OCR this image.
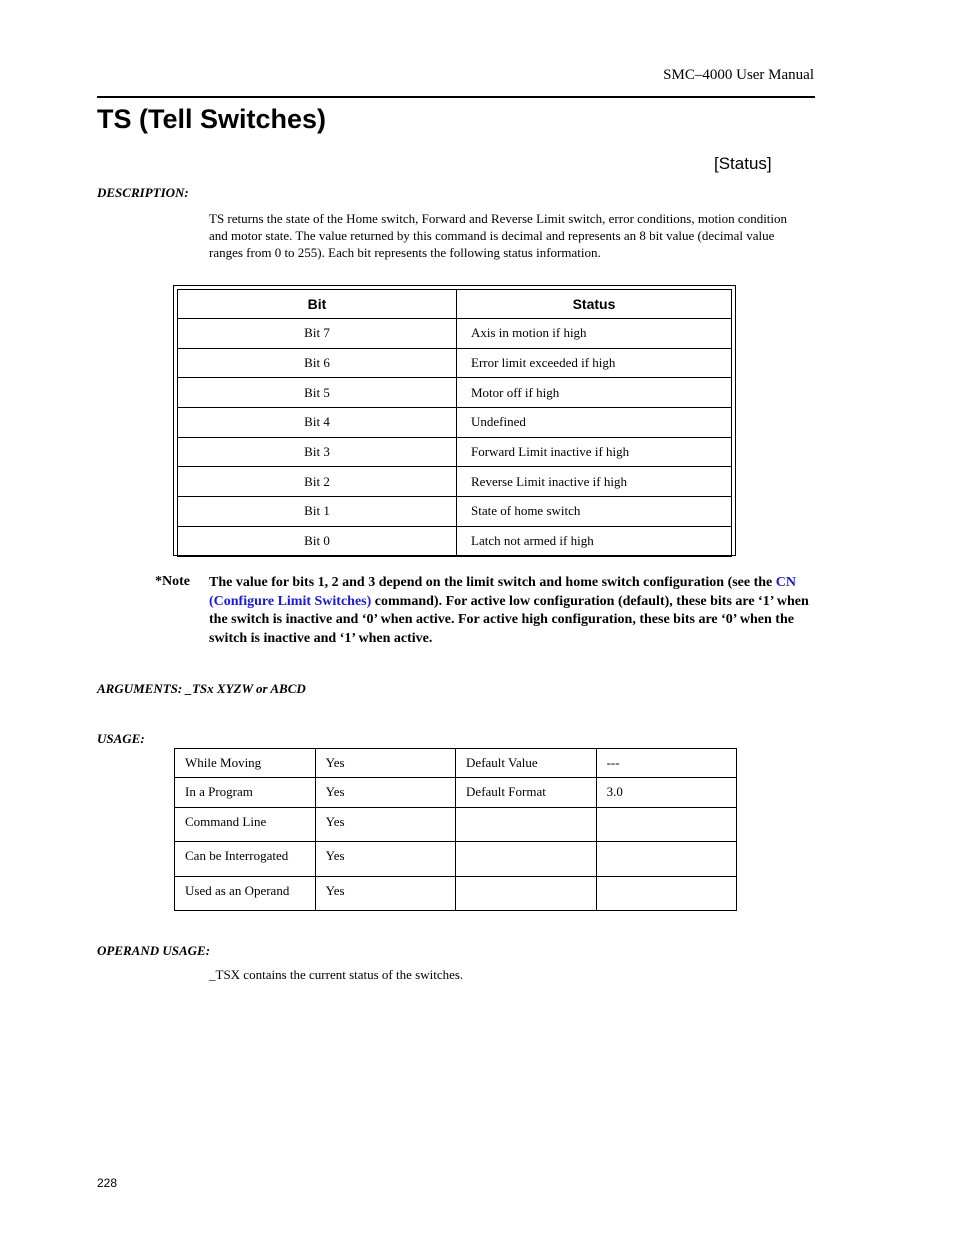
SMC–4000 User Manual
TS (Tell Switches)
[Status]
DESCRIPTION:
TS returns the state of the Home switch, Forward and Reverse Limit switch, error conditions, motion condition and motor state. The value returned by this command is decimal and represents an 8 bit value (decimal value ranges from 0 to 255). Each bit represents the following status information.
Bit	Status
Bit 7	Axis in motion if high
Bit 6	Error limit exceeded if high
Bit 5	Motor off if high
Bit 4	Undefined
Bit 3	Forward Limit inactive if high
Bit 2	Reverse Limit inactive if high
Bit 1	State of home switch
Bit 0	Latch not armed if high
*Note The value for bits 1, 2 and 3 depend on the limit switch and home switch configuration (see the CN (Configure Limit Switches) command). For active low configuration (default), these bits are ‘1’ when the switch is inactive and ‘0’ when active. For active high configuration, these bits are ‘0’ when the switch is inactive and ‘1’ when active.
ARGUMENTS: _TSx XYZW or ABCD
USAGE:
While Moving	Yes	Default Value	---
In a Program	Yes	Default Format	3.0
Command Line	Yes		
Can be Interrogated	Yes		
Used as an Operand	Yes		
OPERAND USAGE:
_TSX contains the current status of the switches.
228
